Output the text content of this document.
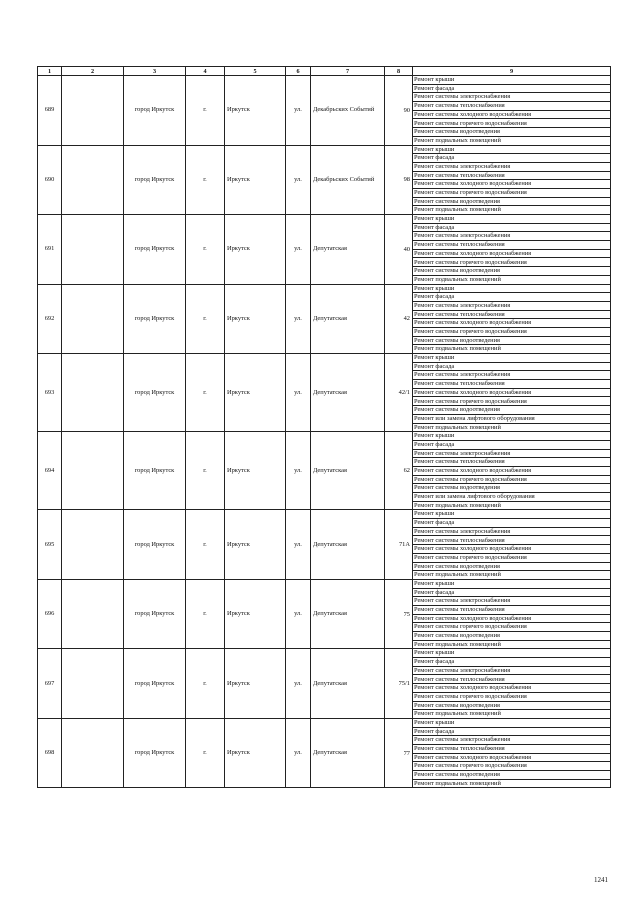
1	2	3	4	5	6	7	8	9
689		город Иркутск	г.	Иркутск	ул.	Декабрьских Событий	90	Ремонт крыши
								Ремонт фасада
								Ремонт системы электроснабжения
								Ремонт системы теплоснабжения
								Ремонт системы холодного водоснабжения
								Ремонт системы горячего водоснабжения
								Ремонт системы водоотведения
								Ремонт подвальных помещений
690		город Иркутск	г.	Иркутск	ул.	Декабрьских Событий	98	Ремонт крыши
								Ремонт фасада
								Ремонт системы электроснабжения
								Ремонт системы теплоснабжения
								Ремонт системы холодного водоснабжения
								Ремонт системы горячего водоснабжения
								Ремонт системы водоотведения
								Ремонт подвальных помещений
691		город Иркутск	г.	Иркутск	ул.	Депутатская	40	Ремонт крыши
								Ремонт фасада
								Ремонт системы электроснабжения
								Ремонт системы теплоснабжения
								Ремонт системы холодного водоснабжения
								Ремонт системы горячего водоснабжения
								Ремонт системы водоотведения
								Ремонт подвальных помещений
692		город Иркутск	г.	Иркутск	ул.	Депутатская	42	Ремонт крыши
								Ремонт фасада
								Ремонт системы электроснабжения
								Ремонт системы теплоснабжения
								Ремонт системы холодного водоснабжения
								Ремонт системы горячего водоснабжения
								Ремонт системы водоотведения
								Ремонт подвальных помещений
693		город Иркутск	г.	Иркутск	ул.	Депутатская	42/1	Ремонт крыши
								Ремонт фасада
								Ремонт системы электроснабжения
								Ремонт системы теплоснабжения
								Ремонт системы холодного водоснабжения
								Ремонт системы горячего водоснабжения
								Ремонт системы водоотведения
								Ремонт или замена лифтового оборудования
								Ремонт подвальных помещений
694		город Иркутск	г.	Иркутск	ул.	Депутатская	62	Ремонт крыши
								Ремонт фасада
								Ремонт системы электроснабжения
								Ремонт системы теплоснабжения
								Ремонт системы холодного водоснабжения
								Ремонт системы горячего водоснабжения
								Ремонт системы водоотведения
								Ремонт или замена лифтового оборудования
								Ремонт подвальных помещений
695		город Иркутск	г.	Иркутск	ул.	Депутатская	71А	Ремонт крыши
								Ремонт фасада
								Ремонт системы электроснабжения
								Ремонт системы теплоснабжения
								Ремонт системы холодного водоснабжения
								Ремонт системы горячего водоснабжения
								Ремонт системы водоотведения
								Ремонт подвальных помещений
696		город Иркутск	г.	Иркутск	ул.	Депутатская	75	Ремонт крыши
								Ремонт фасада
								Ремонт системы электроснабжения
								Ремонт системы теплоснабжения
								Ремонт системы холодного водоснабжения
								Ремонт системы горячего водоснабжения
								Ремонт системы водоотведения
								Ремонт подвальных помещений
697		город Иркутск	г.	Иркутск	ул.	Депутатская	75/1	Ремонт крыши
								Ремонт фасада
								Ремонт системы электроснабжения
								Ремонт системы теплоснабжения
								Ремонт системы холодного водоснабжения
								Ремонт системы горячего водоснабжения
								Ремонт системы водоотведения
								Ремонт подвальных помещений
698		город Иркутск	г.	Иркутск	ул.	Депутатская	77	Ремонт крыши
								Ремонт фасада
								Ремонт системы электроснабжения
								Ремонт системы теплоснабжения
								Ремонт системы холодного водоснабжения
								Ремонт системы горячего водоснабжения
								Ремонт системы водоотведения
								Ремонт подвальных помещений
1241
